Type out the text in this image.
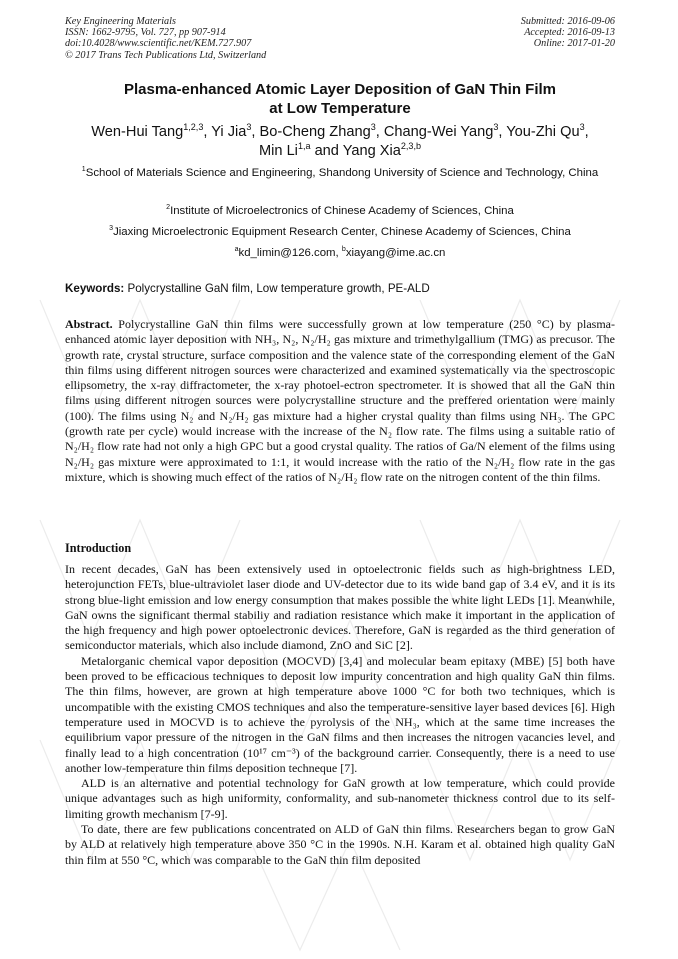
Key Engineering Materials
ISSN: 1662-9795, Vol. 727, pp 907-914
doi:10.4028/www.scientific.net/KEM.727.907
© 2017 Trans Tech Publications Ltd, Switzerland
Submitted: 2016-09-06
Accepted: 2016-09-13
Online: 2017-01-20
Plasma-enhanced Atomic Layer Deposition of GaN Thin Film
at Low Temperature
Wen-Hui Tang$^{1,2,3}$, Yi Jia$^3$, Bo-Cheng Zhang$^3$, Chang-Wei Yang$^3$, You-Zhi Qu$^3$,
Min Li$^{1,a}$ and Yang Xia$^{2,3,b}$
$^1$School of Materials Science and Engineering, Shandong University of Science and Technology, China
$^2$Institute of Microelectronics of Chinese Academy of Sciences, China
$^3$Jiaxing Microelectronic Equipment Research Center, Chinese Academy of Sciences, China
$^a$kd_limin@126.com, $^b$xiayang@ime.ac.cn
Keywords: Polycrystalline GaN film, Low temperature growth, PE-ALD
Abstract. Polycrystalline GaN thin films were successfully grown at low temperature (250 °C) by plasma-enhanced atomic layer deposition with NH₃, N₂, N₂/H₂ gas mixture and trimethylgallium (TMG) as precusor. The growth rate, crystal structure, surface composition and the valence state of the corresponding element of the GaN thin films using different nitrogen sources were characterized and examined systematically via the spectroscopic ellipsometry, the x-ray diffractometer, the x-ray photoel-ectron spectrometer. It is showed that all the GaN thin films using different nitrogen sources were polycrystalline structure and the preffered orientation were mainly (100). The films using N₂ and N₂/H₂ gas mixture had a higher crystal quality than films using NH₃. The GPC (growth rate per cycle) would increase with the increase of the N₂ flow rate. The films using a suitable ratio of N₂/H₂ flow rate had not only a high GPC but a good crystal quality. The ratios of Ga/N element of the films using N₂/H₂ gas mixture were approximated to 1:1, it would increase with the ratio of the N₂/H₂ flow rate in the gas mixture, which is showing much effect of the ratios of N₂/H₂ flow rate on the nitrogen content of the thin films.
Introduction

In recent decades, GaN has been extensively used in optoelectronic fields such as high-brightness LED, heterojunction FETs, blue-ultraviolet laser diode and UV-detector due to its wide band gap of 3.4 eV, and it is its strong blue-light emission and low energy consumption that makes possible the white light LEDs [1]. Meanwhile, GaN owns the significant thermal stabiliy and radiation resistance which make it important in the application of the high frequency and high power optoelectronic devices. Therefore, GaN is regarded as the third generation of semiconductor materials, which also include diamond, ZnO and SiC [2].

Metalorganic chemical vapor deposition (MOCVD) [3,4] and molecular beam epitaxy (MBE) [5] both have been proved to be efficacious techniques to deposit low impurity concentration and high quality GaN thin films. The thin films, however, are grown at high temperature above 1000 °C for both two techniques, which is uncompatible with the existing CMOS techniques and also the temperature-sensitive layer based devices [6]. High temperature used in MOCVD is to achieve the pyrolysis of the NH₃, which at the same time increases the equilibrium vapor pressure of the nitrogen in the GaN films and then increases the nitrogen vacancies level, and finally lead to a high concentration (10¹⁷ cm⁻³) of the background carrier. Consequently, there is a need to use another low-temperature thin films deposition techneque [7].

ALD is an alternative and potential technology for GaN growth at low temperature, which could provide unique advantages such as high uniformity, conformality, and sub-nanometer thickness control due to its self-limiting growth mechanism [7-9].

To date, there are few publications concentrated on ALD of GaN thin films. Researchers began to grow GaN by ALD at relatively high temperature above 350 °C in the 1990s. N.H. Karam et al. obtained high quality GaN thin film at 550 °C, which was comparable to the GaN thin film deposited
